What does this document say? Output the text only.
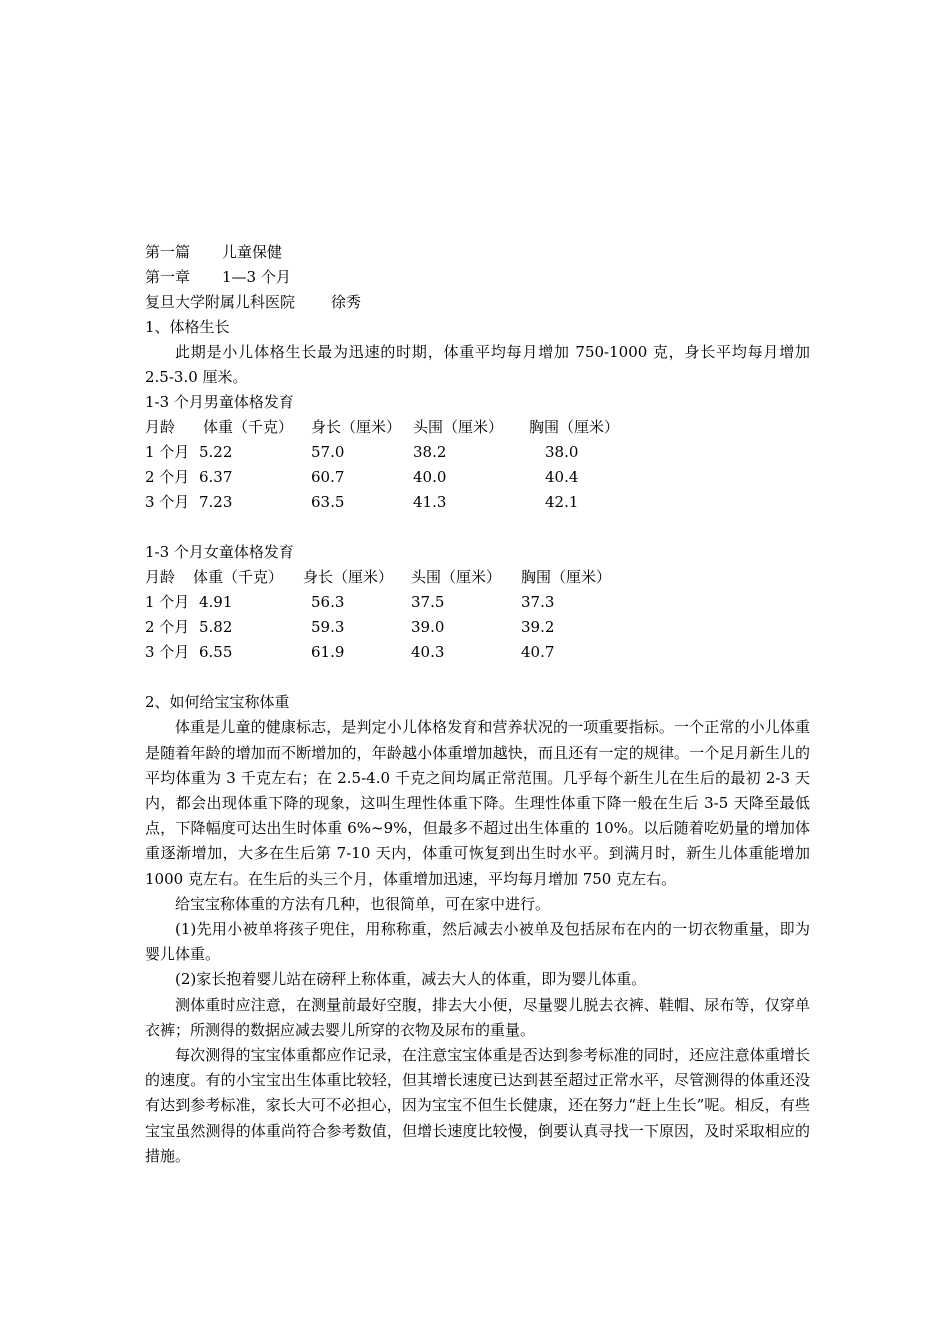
第一篇 儿童保健
第一章 1—3 个月
复旦大学附属儿科医院 徐秀
1、体格生长

此期是小儿体格生长最为迅速的时期，体重平均每月增加 750-1000 克，身长平均每月增加 2.5-3.0 厘米。

1-3 个月男童体格发育
月龄 体重（千克） 身长（厘米） 头围（厘米） 胸围（厘米）
1 个月 5.22	57.0	38.2	38.0
2 个月 6.37	60.7	40.0	40.4
3 个月 7.23	63.5	41.3	42.1
1-3 个月女童体格发育
月龄 体重（千克） 身长（厘米） 头围（厘米） 胸围（厘米）
1 个月 4.91	56.3	37.5	37.3
2 个月 5.82	59.3	39.0	39.2
3 个月 6.55	61.9	40.3	40.7
2、如何给宝宝称体重

体重是儿童的健康标志，是判定小儿体格发育和营养状况的一项重要指标。一个正常的小儿体重是随着年龄的增加而不断增加的，年龄越小体重增加越快，而且还有一定的规律。一个足月新生儿的平均体重为 3 千克左右；在 2.5-4.0 千克之间均属正常范围。几乎每个新生儿在生后的最初 2-3 天内，都会出现体重下降的现象，这叫生理性体重下降。生理性体重下降一般在生后 3-5 天降至最低点，下降幅度可达出生时体重 6%~9%，但最多不超过出生体重的 10%。以后随着吃奶量的增加体重逐渐增加，大多在生后第 7-10 天内，体重可恢复到出生时水平。到满月时，新生儿体重能增加 1000 克左右。在生后的头三个月，体重增加迅速，平均每月增加 750 克左右。

给宝宝称体重的方法有几种，也很简单，可在家中进行。

(1)先用小被单将孩子兜住，用称称重，然后减去小被单及包括尿布在内的一切衣物重量，即为婴儿体重。

(2)家长抱着婴儿站在磅秤上称体重，减去大人的体重，即为婴儿体重。

测体重时应注意，在测量前最好空腹，排去大小便，尽量婴儿脱去衣裤、鞋帽、尿布等，仅穿单衣裤；所测得的数据应减去婴儿所穿的衣物及尿布的重量。

每次测得的宝宝体重都应作记录，在注意宝宝体重是否达到参考标准的同时，还应注意体重增长的速度。有的小宝宝出生体重比较轻，但其增长速度已达到甚至超过正常水平，尽管测得的体重还没有达到参考标准，家长大可不必担心，因为宝宝不但生长健康，还在努力“赶上生长”呢。相反，有些宝宝虽然测得的体重尚符合参考数值，但增长速度比较慢，倒要认真寻找一下原因，及时采取相应的措施。
